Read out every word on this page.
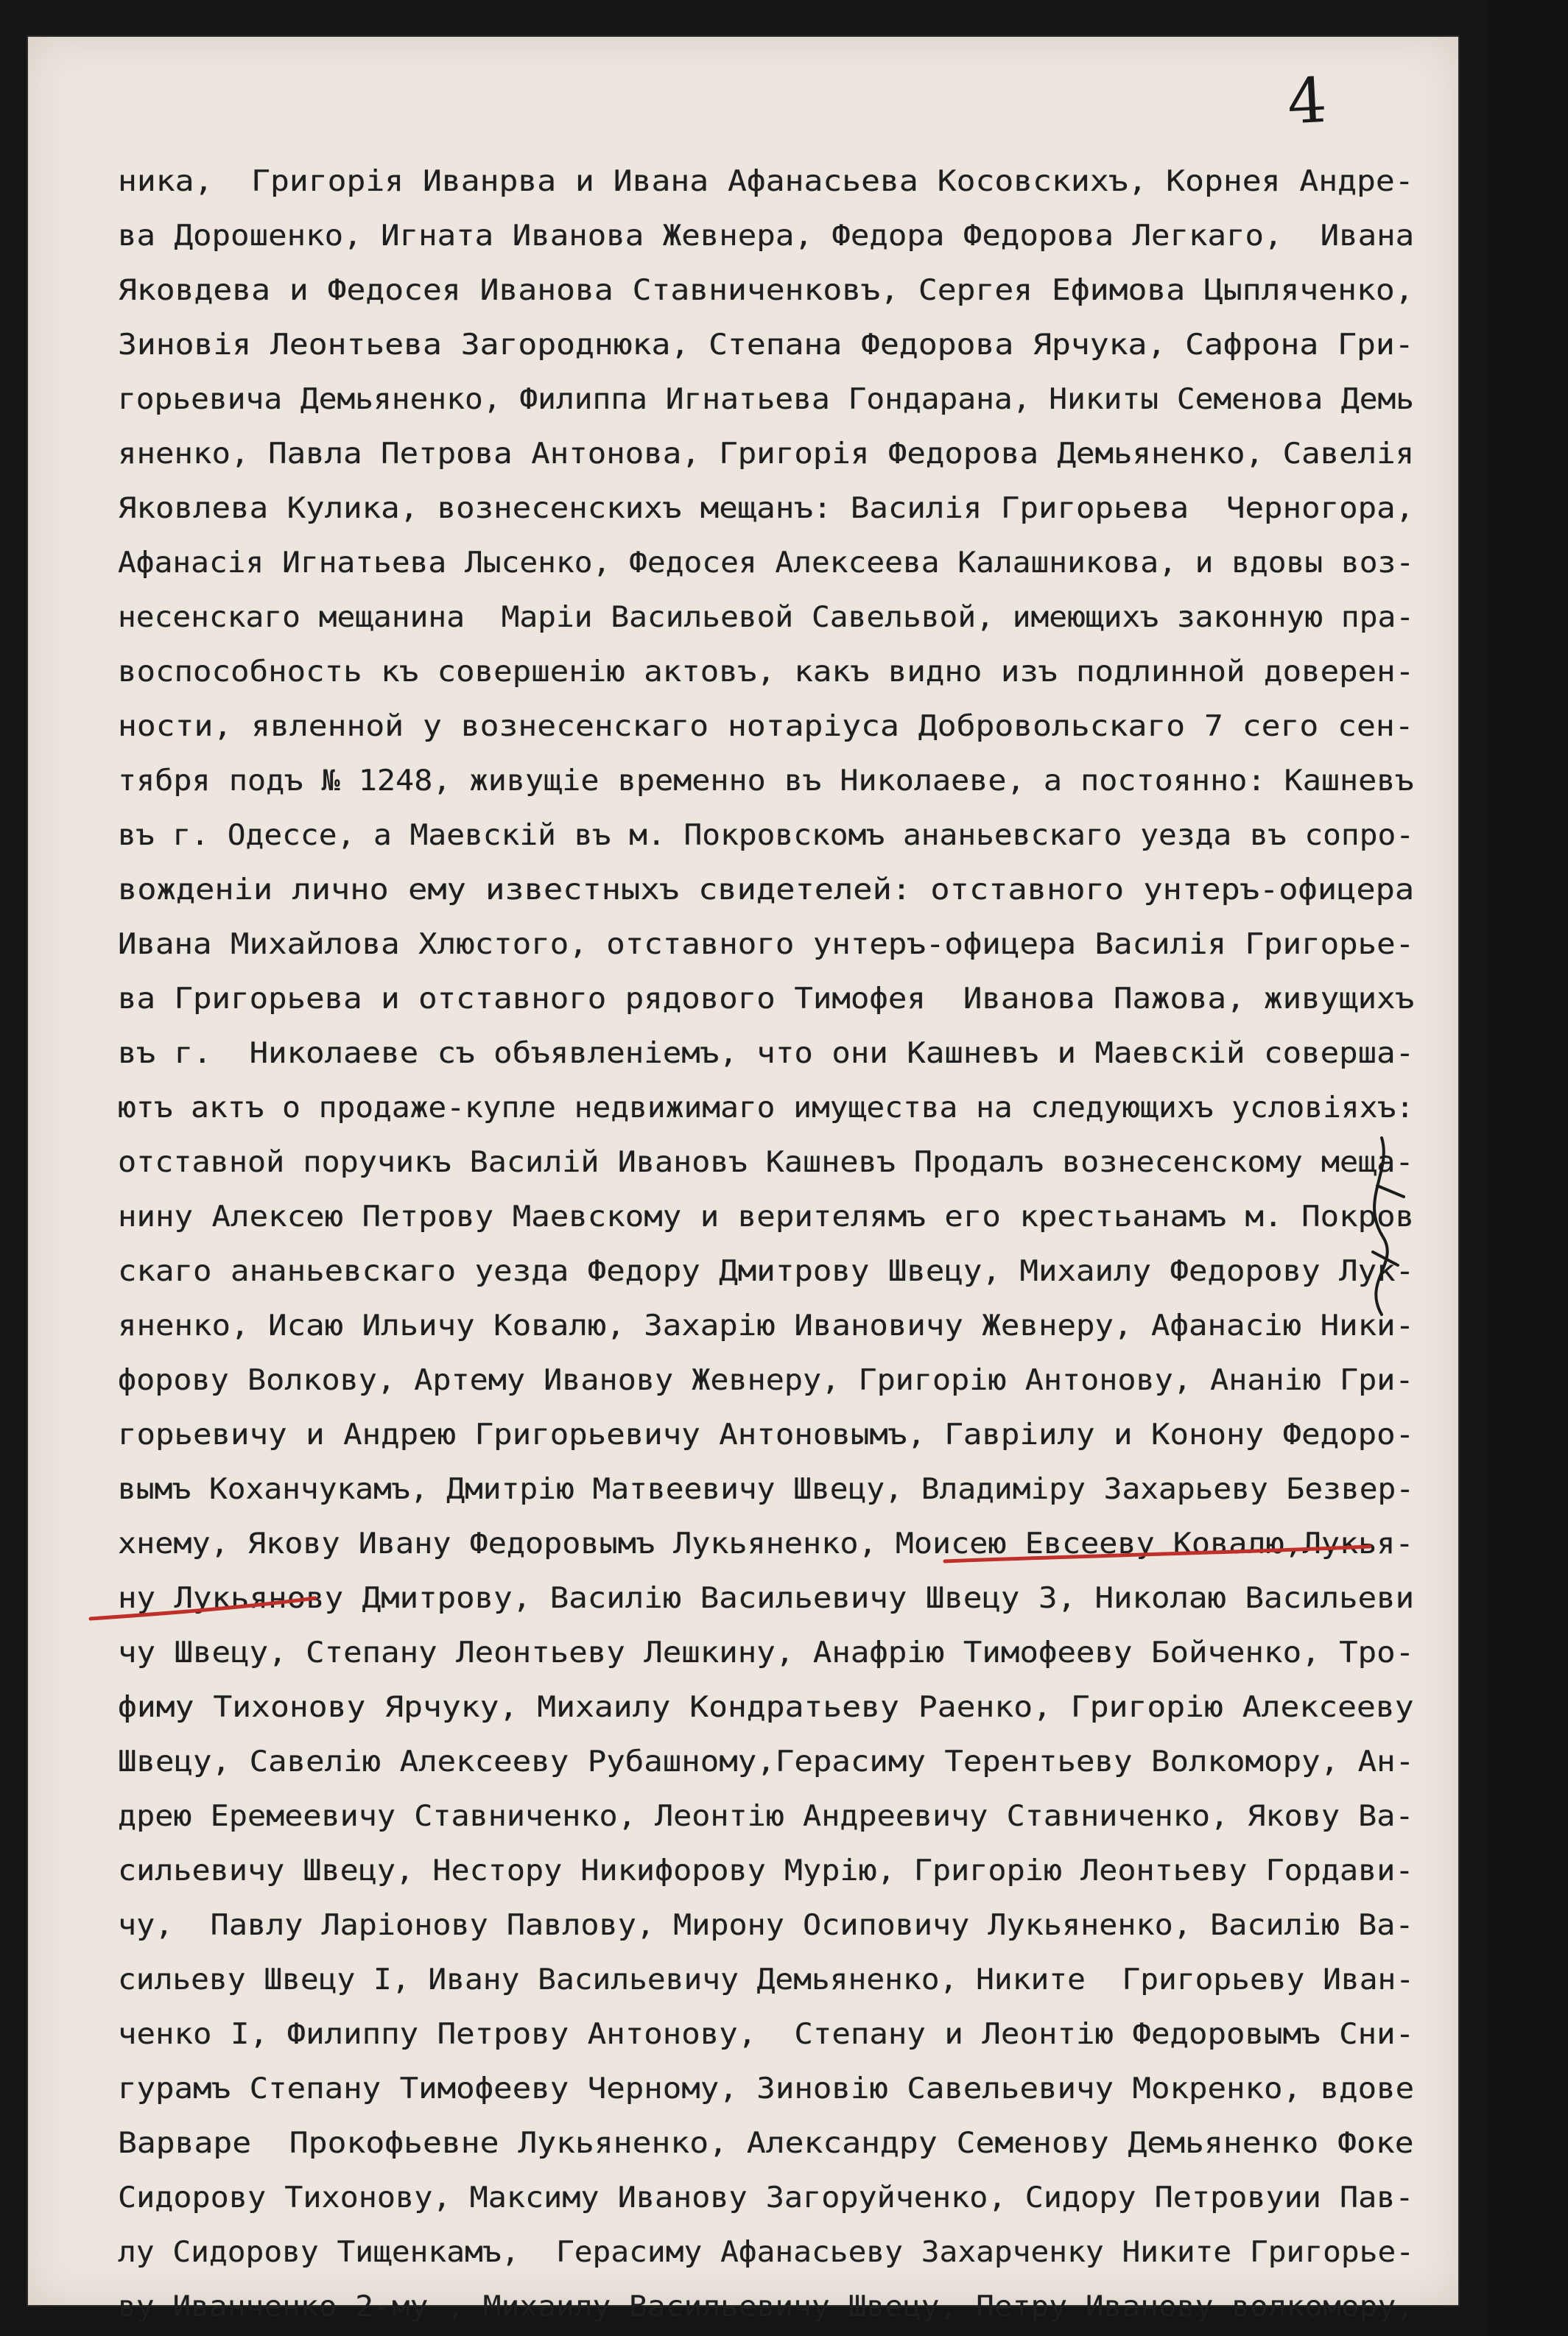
4
ника,  Григорія Иванрва и Ивана Афанасьева Косовскихъ, Корнея Андре-
ва Дорошенко, Игната Иванова Жевнера, Федора Федорова Легкаго,  Ивана
Яковдева и Федосея Иванова Ставниченковъ, Сергея Ефимова Цыпляченко,
Зиновія Леонтьева Загороднюка, Степана Федорова Ярчука, Сафрона Гри-
горьевича Демьяненко, Филиппа Игнатьева Гондарана, Никиты Семенова Демь
яненко, Павла Петрова Антонова, Григорія Федорова Демьяненко, Савелія
Яковлева Кулика, вознесенскихъ мещанъ: Василія Григорьева  Черногора,
Афанасія Игнатьева Лысенко, Федосея Алексеева Калашникова, и вдовы воз-
несенскаго мещанина  Маріи Васильевой Савельвой, имеющихъ законную пра-
воспособность къ совершенію актовъ, какъ видно изъ подлинной доверен-
ности, явленной у вознесенскаго нотаріуса Добровольскаго 7 сего сен-
тября подъ № 1248, живущіе временно въ Николаеве, а постоянно: Кашневъ
въ г. Одессе, а Маевскій въ м. Покровскомъ ананьевскаго уезда въ сопро-
вожденіи лично ему известныхъ свидетелей: отставного унтеръ-офицера
Ивана Михайлова Хлюстого, отставного унтеръ-офицера Василія Григорье-
ва Григорьева и отставного рядового Тимофея  Иванова Пажова, живущихъ
въ г.  Николаеве съ объявленіемъ, что они Кашневъ и Маевскій соверша-
ютъ актъ о продаже-купле недвижимаго имущества на следующихъ условіяхъ:
отставной поручикъ Василій Ивановъ Кашневъ Продалъ вознесенскому меща-
нину Алексею Петрову Маевскому и верителямъ его крестьанамъ м. Покров
скаго ананьевскаго уезда Федору Дмитрову Швецу, Михаилу Федорову Лук-
яненко, Исаю Ильичу Ковалю, Захарію Ивановичу Жевнеру, Афанасію Ники-
форову Волкову, Артему Иванову Жевнеру, Григорію Антонову, Ананію Гри-
горьевичу и Андрею Григорьевичу Антоновымъ, Гавріилу и Конону Федоро-
вымъ Коханчукамъ, Дмитрію Матвеевичу Швецу, Владиміру Захарьеву Безвер-
хнему, Якову Ивану Федоровымъ Лукьяненко, Моисею Евсееву Ковалю,Лукья-
ну Лукьянову Дмитрову, Василію Васильевичу Швецу 3, Николаю Васильеви
чу Швецу, Степану Леонтьеву Лешкину, Анафрію Тимофееву Бойченко, Тро-
фиму Тихонову Ярчуку, Михаилу Кондратьеву Раенко, Григорію Алексееву
Швецу, Савелію Алексееву Рубашному,Герасиму Терентьеву Волкомору, Ан-
дрею Еремеевичу Ставниченко, Леонтію Андреевичу Ставниченко, Якову Ва-
сильевичу Швецу, Нестору Никифорову Мурію, Григорію Леонтьеву Гордави-
чу,  Павлу Ларіонову Павлову, Мирону Осиповичу Лукьяненко, Василію Ва-
сильеву Швецу I, Ивану Васильевичу Демьяненко, Никите  Григорьеву Иван-
ченко I, Филиппу Петрову Антонову,  Степану и Леонтію Федоровымъ Сни-
гурамъ Степану Тимофееву Черному, Зиновію Савельевичу Мокренко, вдове
Варваре  Прокофьевне Лукьяненко, Александру Семенову Демьяненко Фоке
Сидорову Тихонову, Максиму Иванову Загоруйченко, Сидору Петровуии Пав-
лу Сидорову Тищенкамъ,  Герасиму Афанасьеву Захарченку Никите Григорье-
ву Иванченко 2-му , Михаилу Васильевичу Швецу, Петру Иванову волкомору,
